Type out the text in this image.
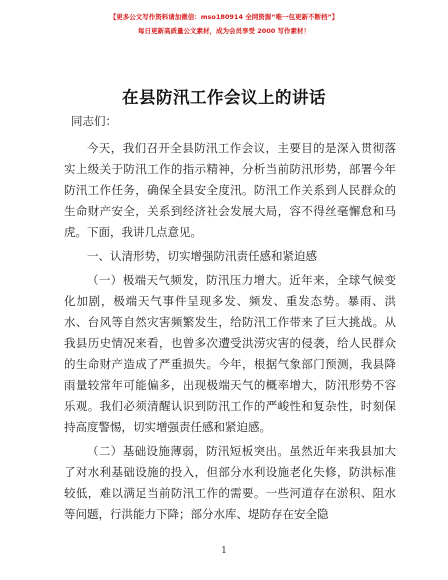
【更多公文写作资料请加微信：mso180914 全网资源“唯一包更新不断档”】
每日更新高质量公文素材，成为会员享受 2000 写作素材！
在县防汛工作会议上的讲话

同志们：

今天，我们召开全县防汛工作会议，主要目的是深入贯彻落实上级关于防汛工作的指示精神，分析当前防汛形势，部署今年防汛工作任务，确保全县安全度汛。防汛工作关系到人民群众的生命财产安全，关系到经济社会发展大局，容不得丝毫懈怠和马虎。下面，我讲几点意见。

一、认清形势，切实增强防汛责任感和紧迫感

（一）极端天气频发，防汛压力增大。近年来，全球气候变化加剧，极端天气事件呈现多发、频发、重发态势。暴雨、洪水、台风等自然灾害频繁发生，给防汛工作带来了巨大挑战。从我县历史情况来看，也曾多次遭受洪涝灾害的侵袭，给人民群众的生命财产造成了严重损失。今年，根据气象部门预测，我县降雨量较常年可能偏多，出现极端天气的概率增大，防汛形势不容乐观。我们必须清醒认识到防汛工作的严峻性和复杂性，时刻保持高度警惕，切实增强责任感和紧迫感。

（二）基础设施薄弱，防汛短板突出。虽然近年来我县加大了对水利基础设施的投入，但部分水利设施老化失修，防洪标准较低，难以满足当前防汛工作的需要。一些河道存在淤积、阻水等问题，行洪能力下降；部分水库、堤防存在安全隐

1
